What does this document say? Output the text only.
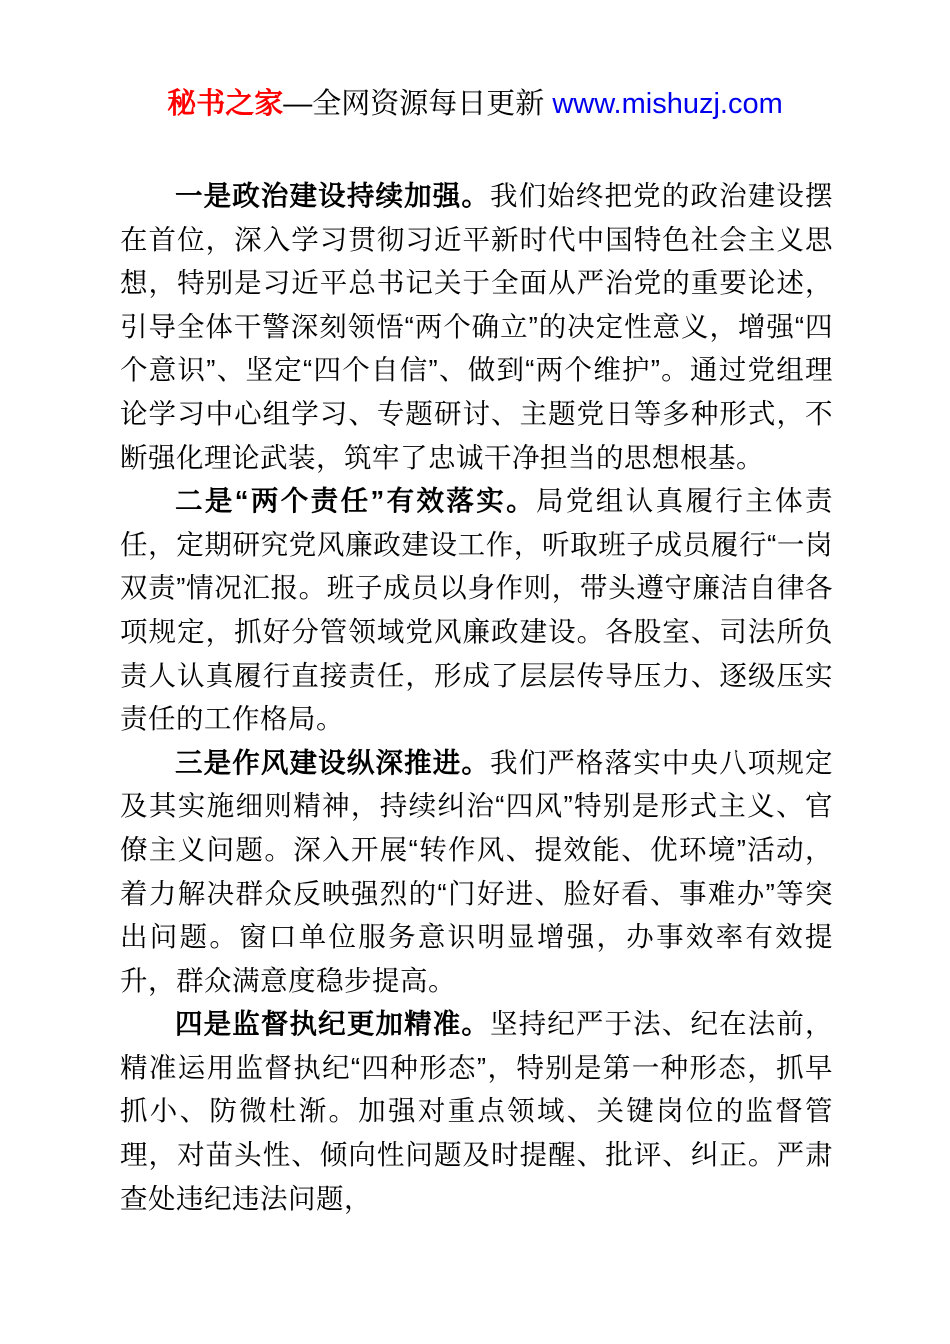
秘书之家—全网资源每日更新 www.mishuzj.com

一是政治建设持续加强。我们始终把党的政治建设摆在首位，深入学习贯彻习近平新时代中国特色社会主义思想，特别是习近平总书记关于全面从严治党的重要论述，引导全体干警深刻领悟“两个确立”的决定性意义，增强“四个意识”、坚定“四个自信”、做到“两个维护”。通过党组理论学习中心组学习、专题研讨、主题党日等多种形式，不断强化理论武装，筑牢了忠诚干净担当的思想根基。

二是“两个责任”有效落实。局党组认真履行主体责任，定期研究党风廉政建设工作，听取班子成员履行“一岗双责”情况汇报。班子成员以身作则，带头遵守廉洁自律各项规定，抓好分管领域党风廉政建设。各股室、司法所负责人认真履行直接责任，形成了层层传导压力、逐级压实责任的工作格局。

三是作风建设纵深推进。我们严格落实中央八项规定及其实施细则精神，持续纠治“四风”特别是形式主义、官僚主义问题。深入开展“转作风、提效能、优环境”活动，着力解决群众反映强烈的“门好进、脸好看、事难办”等突出问题。窗口单位服务意识明显增强，办事效率有效提升，群众满意度稳步提高。

四是监督执纪更加精准。坚持纪严于法、纪在法前，精准运用监督执纪“四种形态”，特别是第一种形态，抓早抓小、防微杜渐。加强对重点领域、关键岗位的监督管理，对苗头性、倾向性问题及时提醒、批评、纠正。严肃查处违纪违法问题，
